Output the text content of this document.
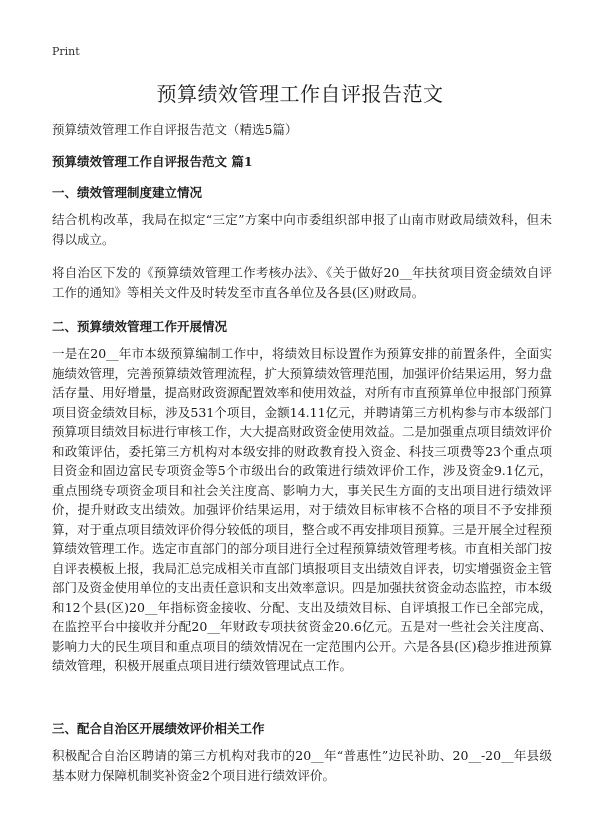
Print
预算绩效管理工作自评报告范文
预算绩效管理工作自评报告范文（精选5篇）
预算绩效管理工作自评报告范文 篇1
一、绩效管理制度建立情况

结合机构改革，我局在拟定“三定”方案中向市委组织部申报了山南市财政局绩效科，但未得以成立。

将自治区下发的《预算绩效管理工作考核办法》、《关于做好20__年扶贫项目资金绩效自评工作的通知》等相关文件及时转发至市直各单位及各县(区)财政局。

二、预算绩效管理工作开展情况

一是在20__年市本级预算编制工作中，将绩效目标设置作为预算安排的前置条件，全面实施绩效管理，完善预算绩效管理流程，扩大预算绩效管理范围，加强评价结果运用，努力盘活存量、用好增量，提高财政资源配置效率和使用效益，对所有市直预算单位申报部门预算项目资金绩效目标，涉及531个项目，金额14.11亿元，并聘请第三方机构参与市本级部门预算项目绩效目标进行审核工作，大大提高财政资金使用效益。二是加强重点项目绩效评价和政策评估，委托第三方机构对本级安排的财政教育投入资金、科技三项费等23个重点项目资金和固边富民专项资金等5个市级出台的政策进行绩效评价工作，涉及资金9.1亿元，重点围绕专项资金项目和社会关注度高、影响力大，事关民生方面的支出项目进行绩效评价，提升财政支出绩效。加强评价结果运用，对于绩效目标审核不合格的项目不予安排预算，对于重点项目绩效评价得分较低的项目，整合或不再安排项目预算。三是开展全过程预算绩效管理工作。选定市直部门的部分项目进行全过程预算绩效管理考核。市直相关部门按自评表模板上报，我局汇总完成相关市直部门填报项目支出绩效自评表，切实增强资金主管部门及资金使用单位的支出责任意识和支出效率意识。四是加强扶贫资金动态监控，市本级和12个县(区)20__年指标资金接收、分配、支出及绩效目标、自评填报工作已全部完成，在监控平台中接收并分配20__年财政专项扶贫资金20.6亿元。五是对一些社会关注度高、影响力大的民生项目和重点项目的绩效情况在一定范围内公开。六是各县(区)稳步推进预算绩效管理，积极开展重点项目进行绩效管理试点工作。

三、配合自治区开展绩效评价相关工作

积极配合自治区聘请的第三方机构对我市的20__年“普惠性”边民补助、20__-20__年县级基本财力保障机制奖补资金2个项目进行绩效评价。
